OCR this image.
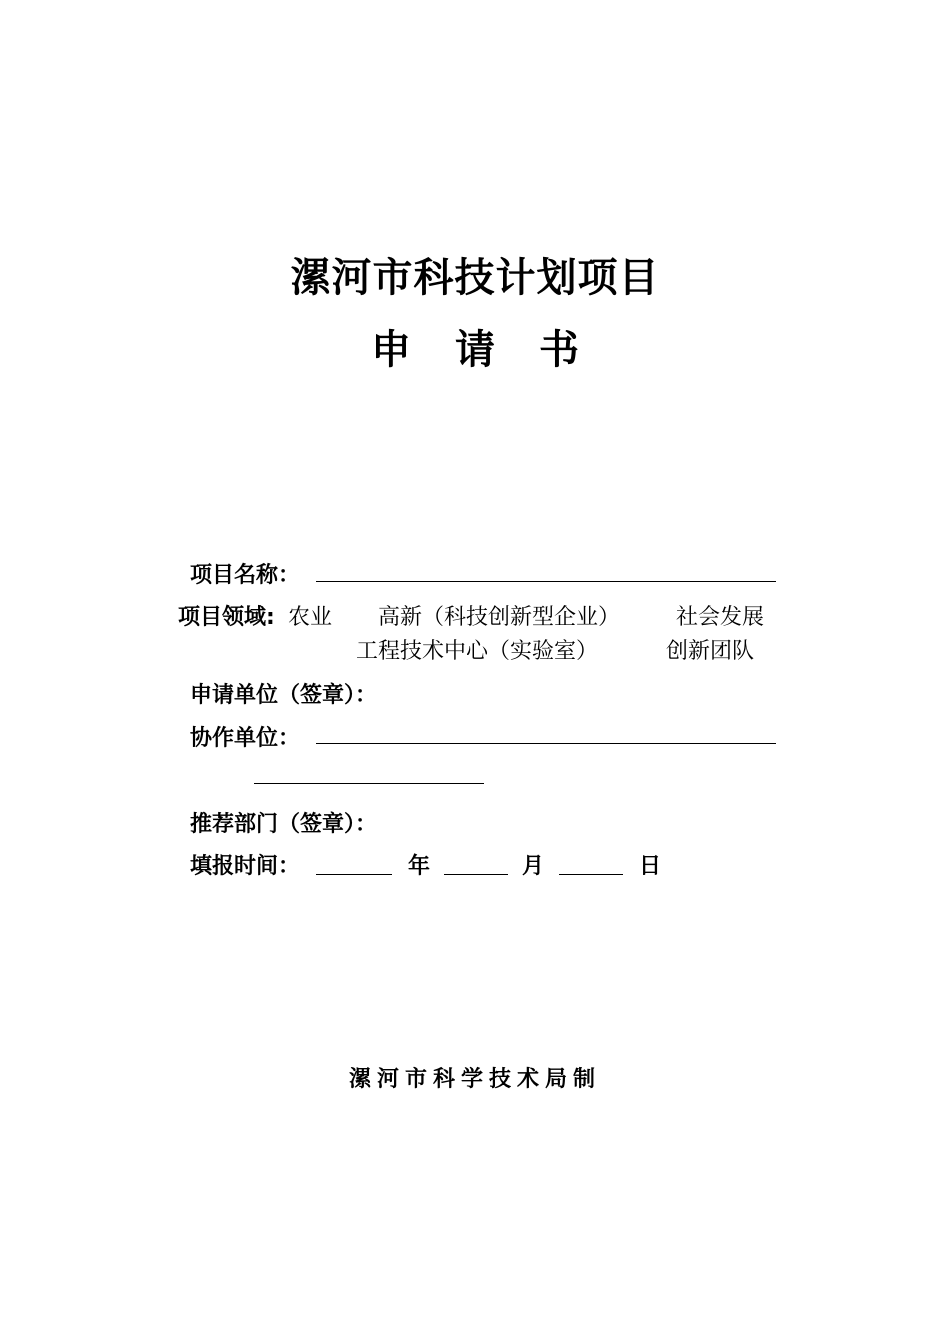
漯河市科技计划项目
申 请 书
项目名称：
项目领域: 农业 高新（科技创新型企业）	社会发展
工程技术中心（实验室）	创新团队
申请单位（签章）：
协作单位：
推荐部门（签章）：
填报时间：	年	月	日
漯河市科学技术局制
